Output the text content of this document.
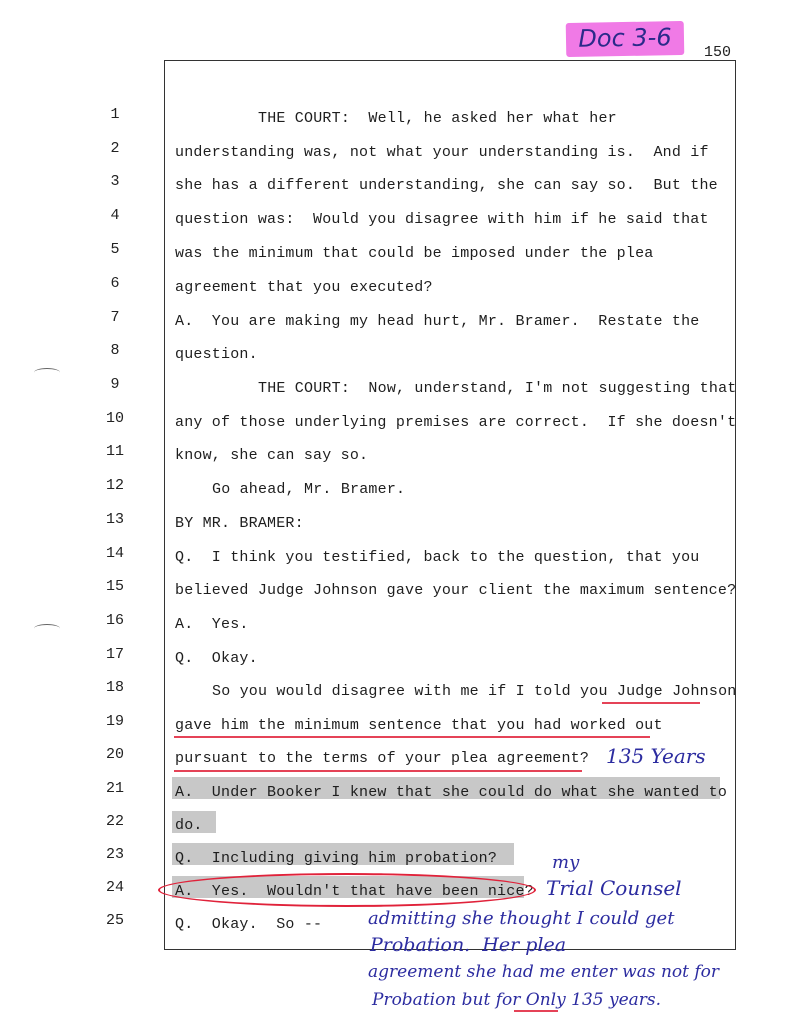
Doc 3-6	150
1
2
3
4
5
6
7
8
9
10
11
12
13
14
15
16
17
18
19
20
21
22
23
24
25
THE COURT:  Well, he asked her what her
understanding was, not what your understanding is.  And if
she has a different understanding, she can say so.  But the
question was:  Would you disagree with him if he said that
was the minimum that could be imposed under the plea
agreement that you executed?
A.  You are making my head hurt, Mr. Bramer.  Restate the
question.
THE COURT:  Now, understand, I'm not suggesting that
any of those underlying premises are correct.  If she doesn't
know, she can say so.
Go ahead, Mr. Bramer.
BY MR. BRAMER:
Q.  I think you testified, back to the question, that you
believed Judge Johnson gave your client the maximum sentence?
A.  Yes.
Q.  Okay.
So you would disagree with me if I told you Judge Johnson
gave him the minimum sentence that you had worked out
pursuant to the terms of your plea agreement?
A.  Under Booker I knew that she could do what she wanted to
do.
Q.  Including giving him probation?
A.  Yes.  Wouldn't that have been nice?
Q.  Okay.  So --
135 Years
my
Trial Counsel
admitting she thought I could get
Probation.  Her plea
agreement she had me enter was not for
Probation but for Only 135 years.
